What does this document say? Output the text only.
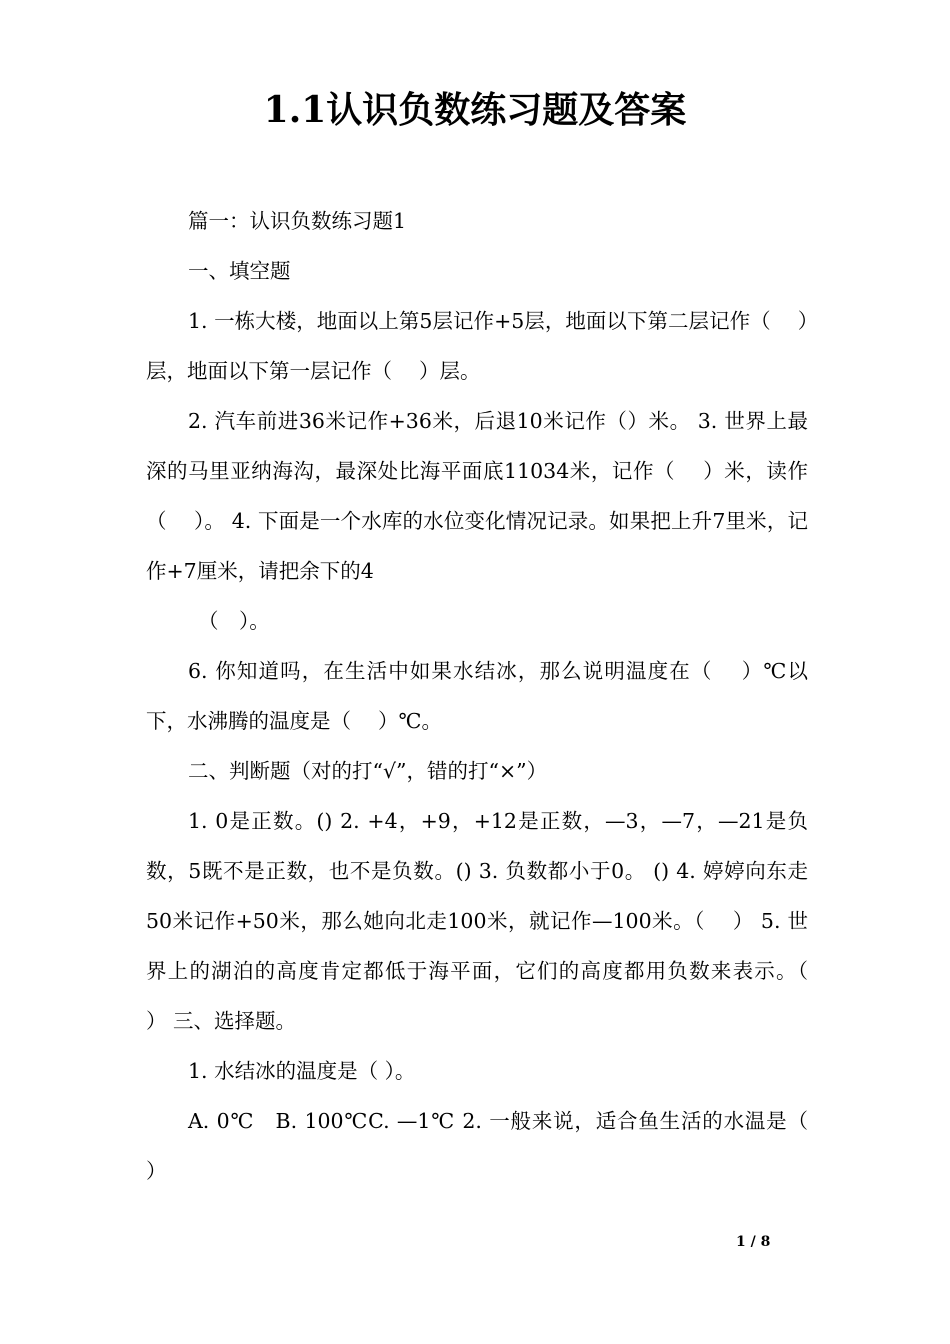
1.1认识负数练习题及答案

篇一：认识负数练习题1

一、填空题

1. 一栋大楼，地面以上第5层记作+5层，地面以下第二层记作（　 ）层，地面以下第一层记作（　 ）层。

2. 汽车前进36米记作+36米，后退10米记作（）米。 3. 世界上最深的马里亚纳海沟，最深处比海平面底11034米，记作（　 ）米，读作（　 ）。 4. 下面是一个水库的水位变化情况记录。如果把上升7里米，记作+7厘米，请把余下的4

（　）。

6. 你知道吗，在生活中如果水结冰，那么说明温度在（　 ）℃以下，水沸腾的温度是（　 ）℃。

二、判断题（对的打“√”，错的打“×”）

1. 0是正数。() 2. +4，+9，+12是正数，—3，—7，—21是负数，5既不是正数，也不是负数。() 3. 负数都小于0。 () 4. 婷婷向东走50米记作+50米，那么她向北走100米，就记作—100米。（　 ） 5. 世界上的湖泊的高度肯定都低于海平面，它们的高度都用负数来表示。（　 ） 三、选择题。

1. 水结冰的温度是（ ）。

A. 0℃　B. 100℃C. —1℃ 2. 一般来说，适合鱼生活的水温是（　 ）

1 / 8
